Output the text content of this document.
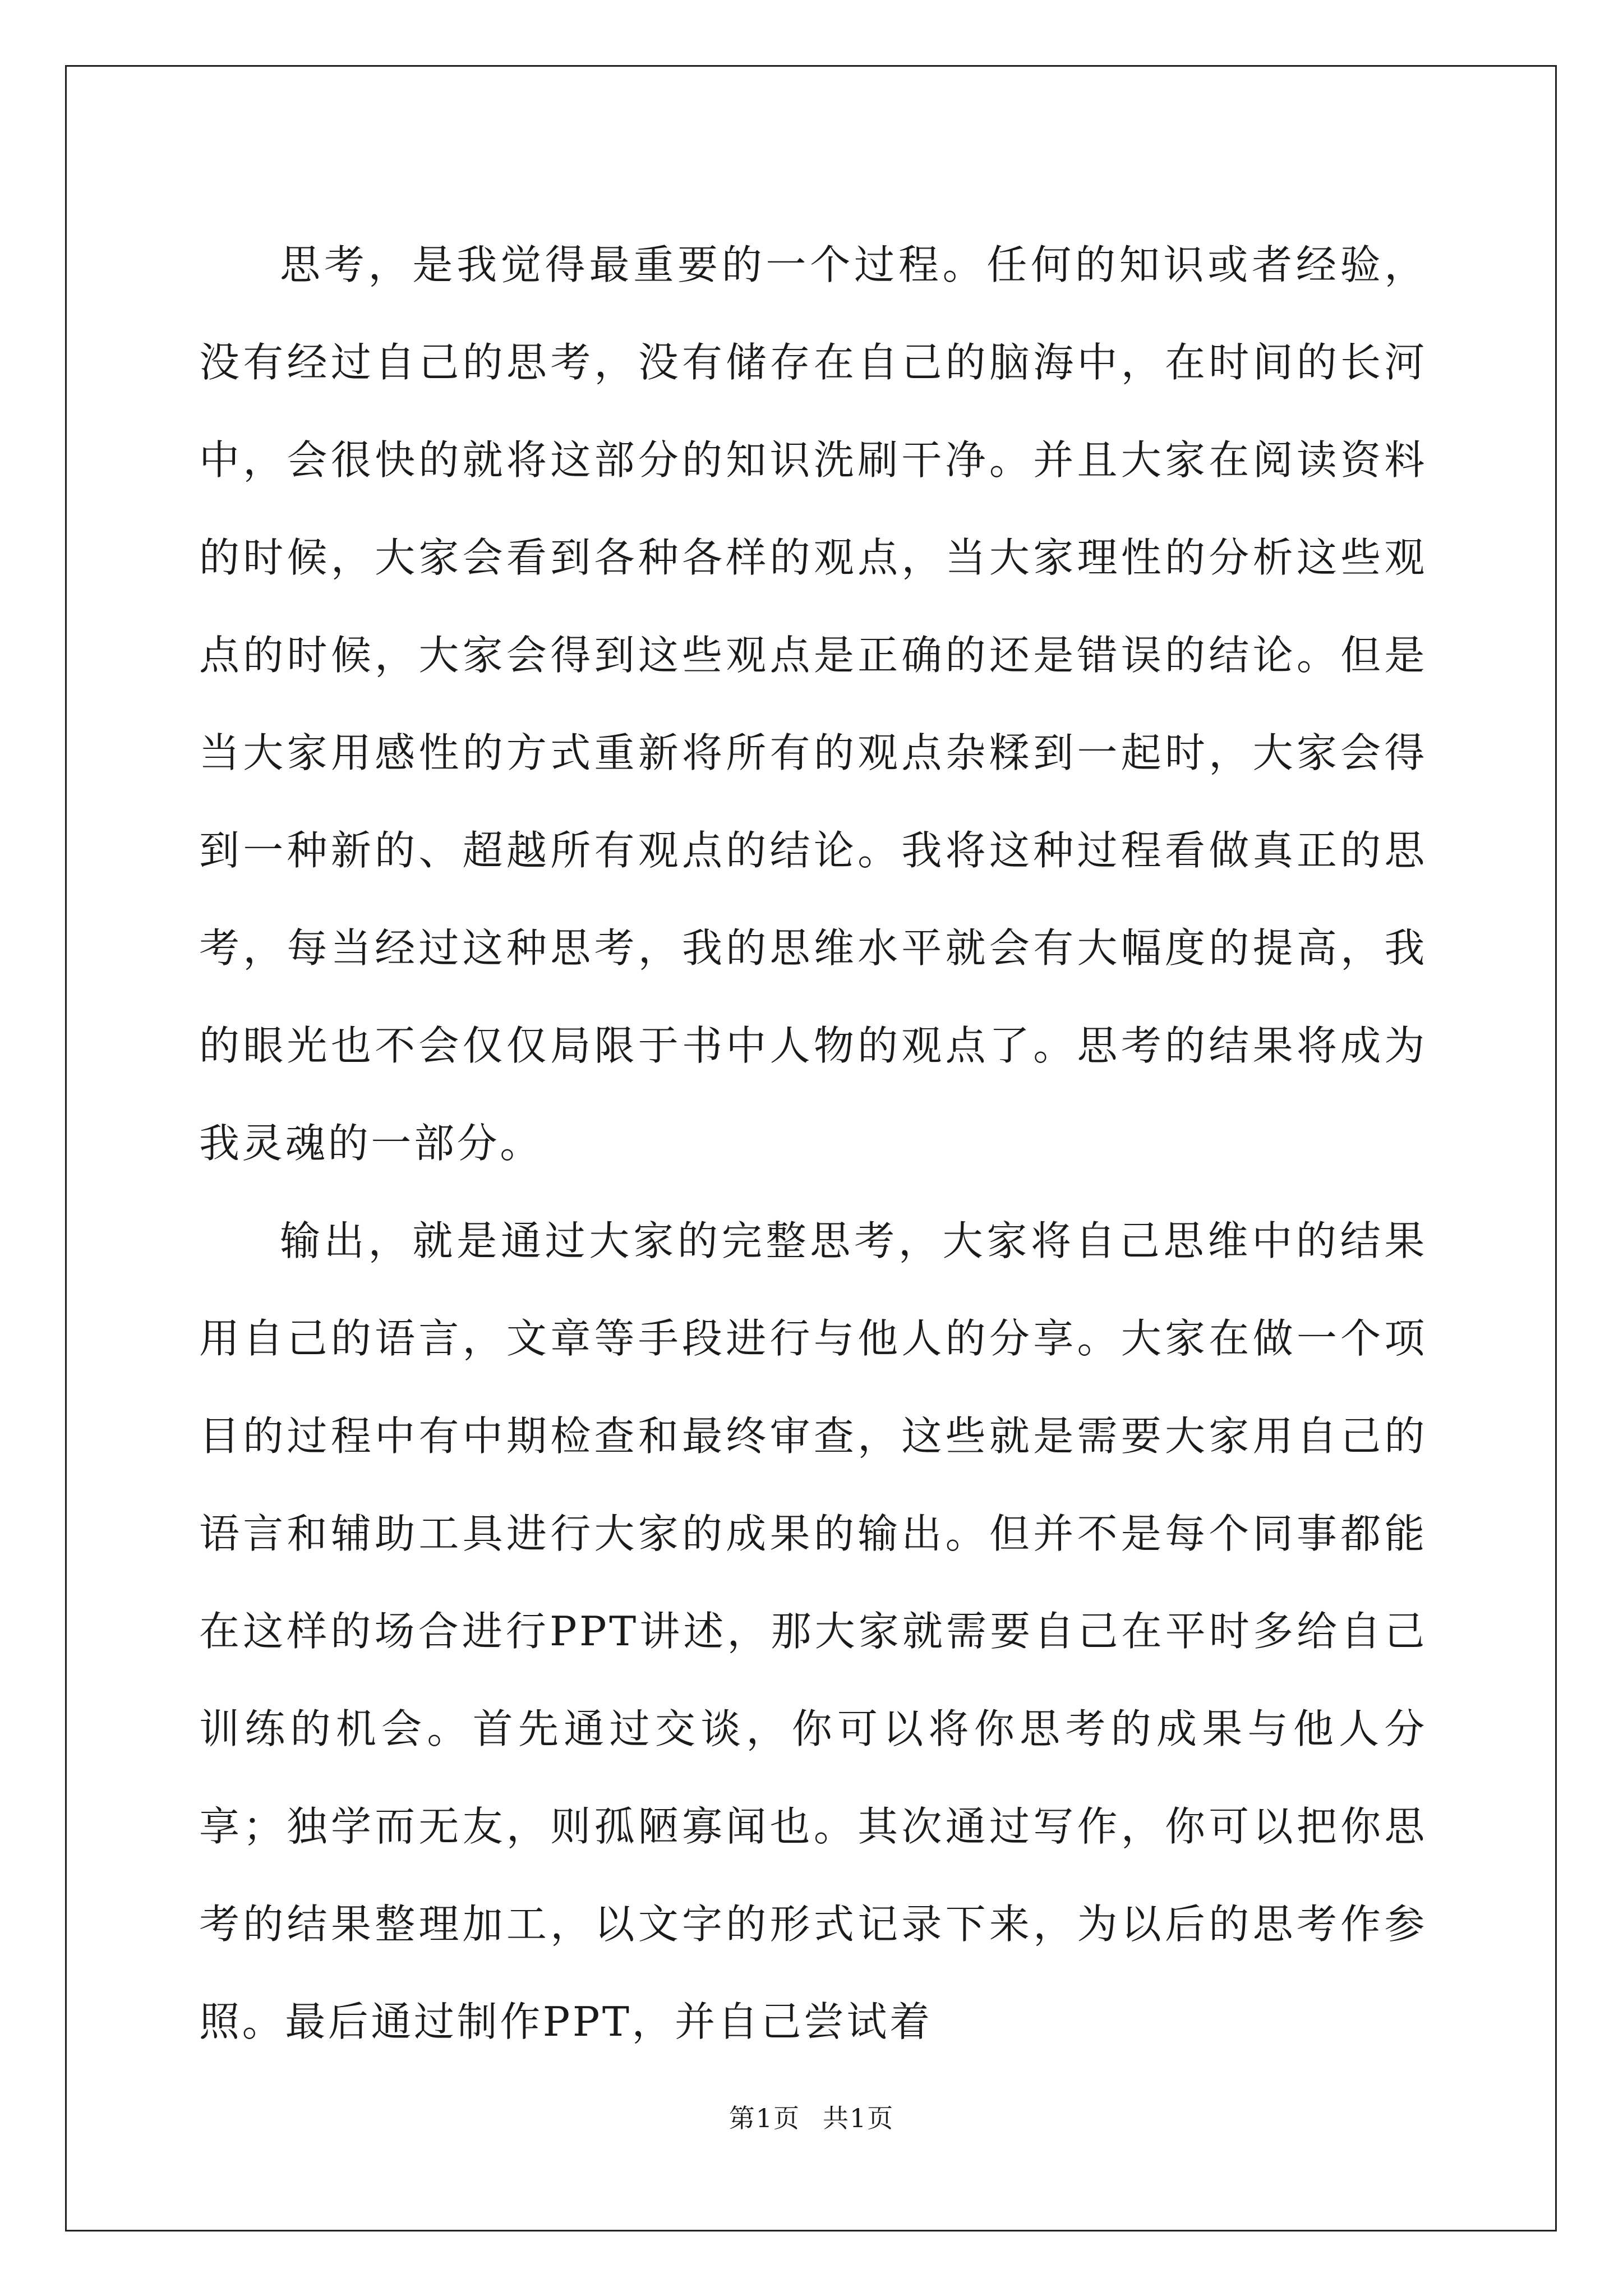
思考，是我觉得最重要的一个过程。任何的知识或者经验，没有经过自己的思考，没有储存在自己的脑海中，在时间的长河中，会很快的就将这部分的知识洗刷干净。并且大家在阅读资料的时候，大家会看到各种各样的观点，当大家理性的分析这些观点的时候，大家会得到这些观点是正确的还是错误的结论。但是当大家用感性的方式重新将所有的观点杂糅到一起时，大家会得到一种新的、超越所有观点的结论。我将这种过程看做真正的思考，每当经过这种思考，我的思维水平就会有大幅度的提高，我的眼光也不会仅仅局限于书中人物的观点了。思考的结果将成为我灵魂的一部分。

输出，就是通过大家的完整思考，大家将自己思维中的结果用自己的语言，文章等手段进行与他人的分享。大家在做一个项目的过程中有中期检查和最终审查，这些就是需要大家用自己的语言和辅助工具进行大家的成果的输出。但并不是每个同事都能在这样的场合进行PPT讲述，那大家就需要自己在平时多给自己训练的机会。首先通过交谈，你可以将你思考的成果与他人分享；独学而无友，则孤陋寡闻也。其次通过写作，你可以把你思考的结果整理加工，以文字的形式记录下来，为以后的思考作参照。最后通过制作PPT，并自己尝试着

第1页 共1页
